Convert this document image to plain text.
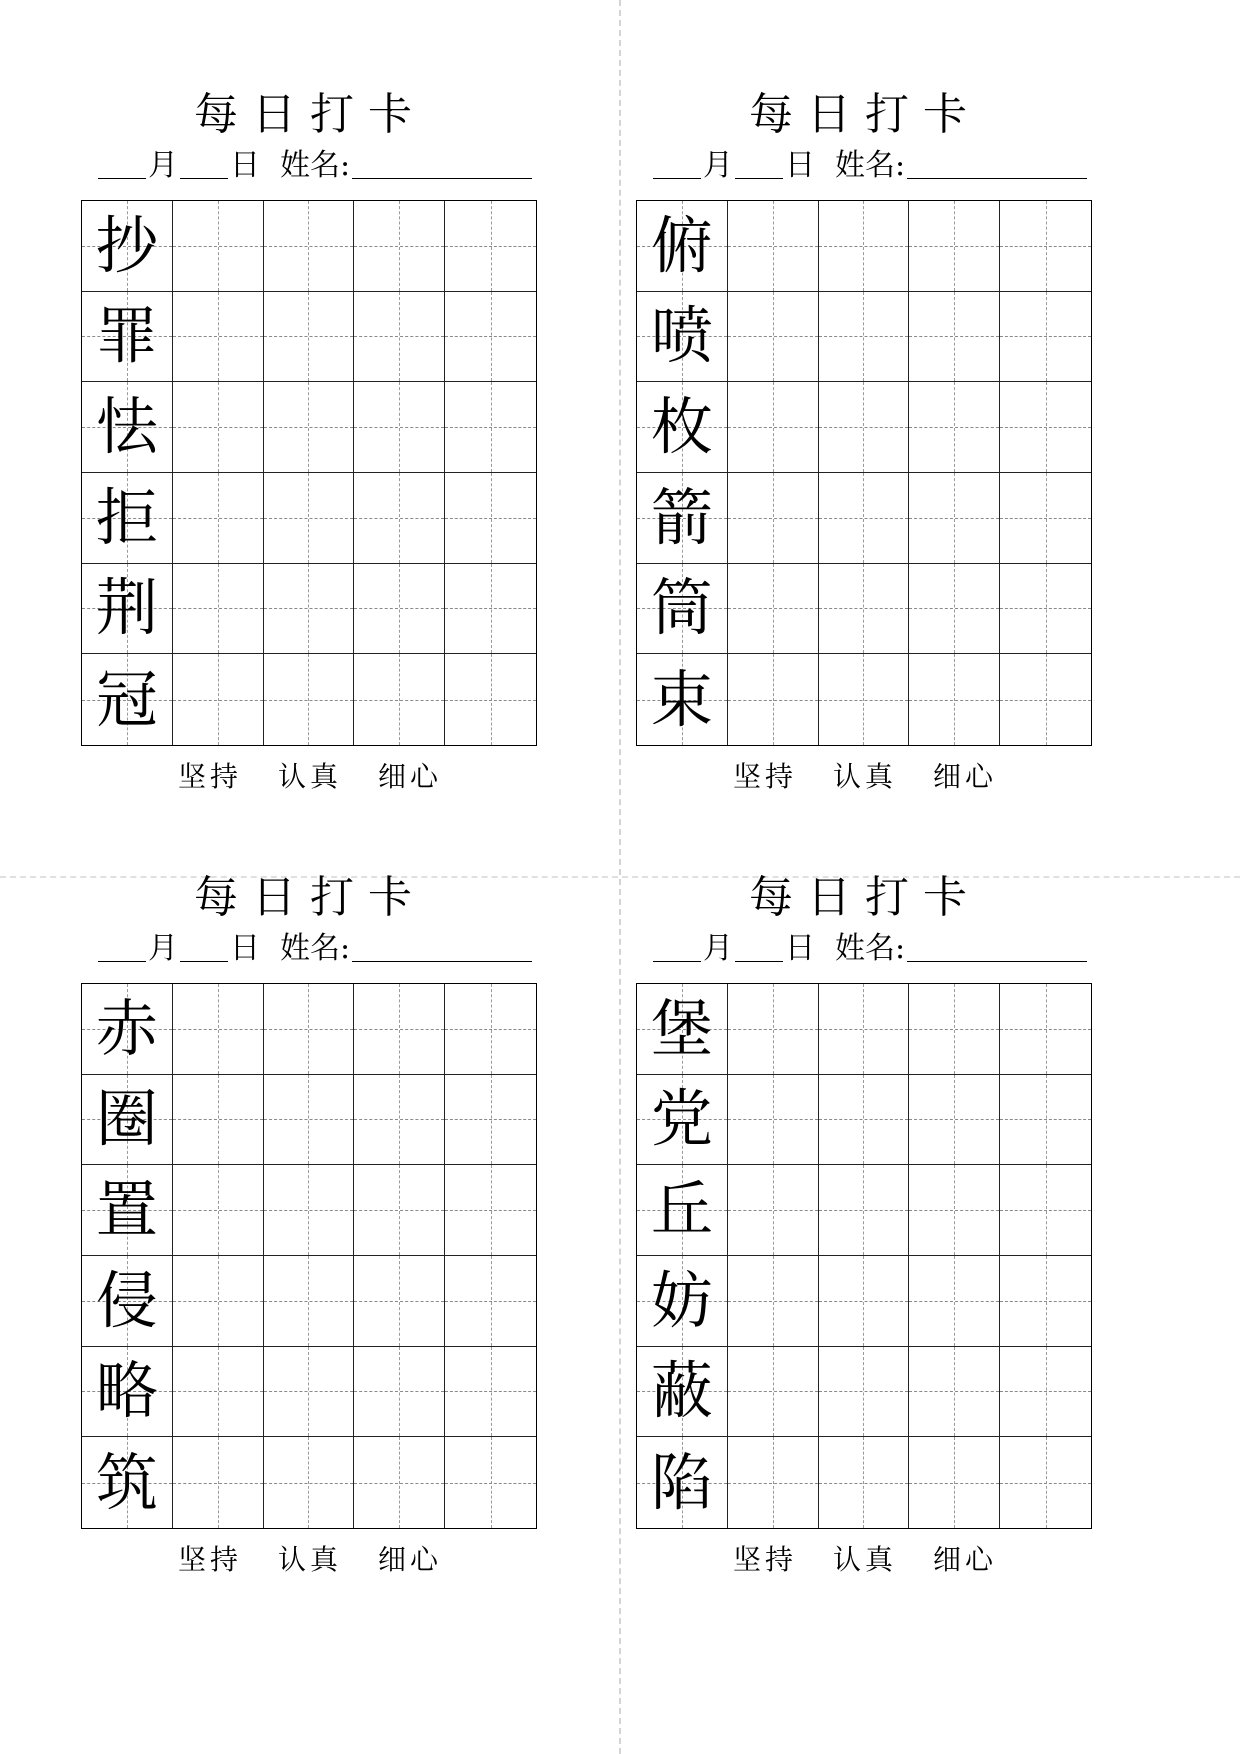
每日打卡
月 日 姓名:
抄
罪
怯
拒
荆
冠
坚持 认真 细心
每日打卡
月 日 姓名:
俯
喷
枚
箭
筒
束
坚持 认真 细心
每日打卡
月 日 姓名:
赤
圈
置
侵
略
筑
坚持 认真 细心
每日打卡
月 日 姓名:
堡
党
丘
妨
蔽
陷
坚持 认真 细心
